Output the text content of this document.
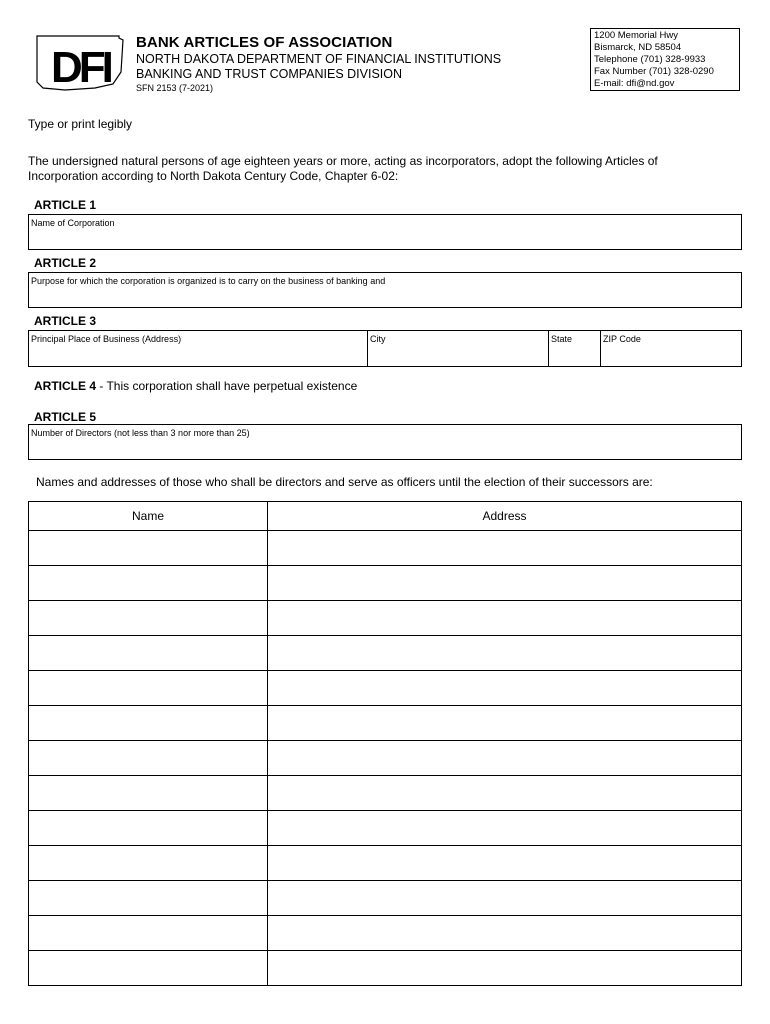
DFI
BANK ARTICLES OF ASSOCIATION
NORTH DAKOTA DEPARTMENT OF FINANCIAL INSTITUTIONS
BANKING AND TRUST COMPANIES DIVISION
SFN 2153 (7-2021)
1200 Memorial Hwy
Bismarck, ND 58504
Telephone (701) 328-9933
Fax Number (701) 328-0290
E-mail: dfi@nd.gov
Type or print legibly
The undersigned natural persons of age eighteen years or more, acting as incorporators, adopt the following Articles of
Incorporation according to North Dakota Century Code, Chapter 6-02:
ARTICLE 1
Name of Corporation
ARTICLE 2
Purpose for which the corporation is organized is to carry on the business of banking and
ARTICLE 3
Principal Place of Business (Address)	City	State	ZIP Code
ARTICLE 4 - This corporation shall have perpetual existence
ARTICLE 5
Number of Directors (not less than 3 nor more than 25)
Names and addresses of those who shall be directors and serve as officers until the election of their successors are:
Name	Address
